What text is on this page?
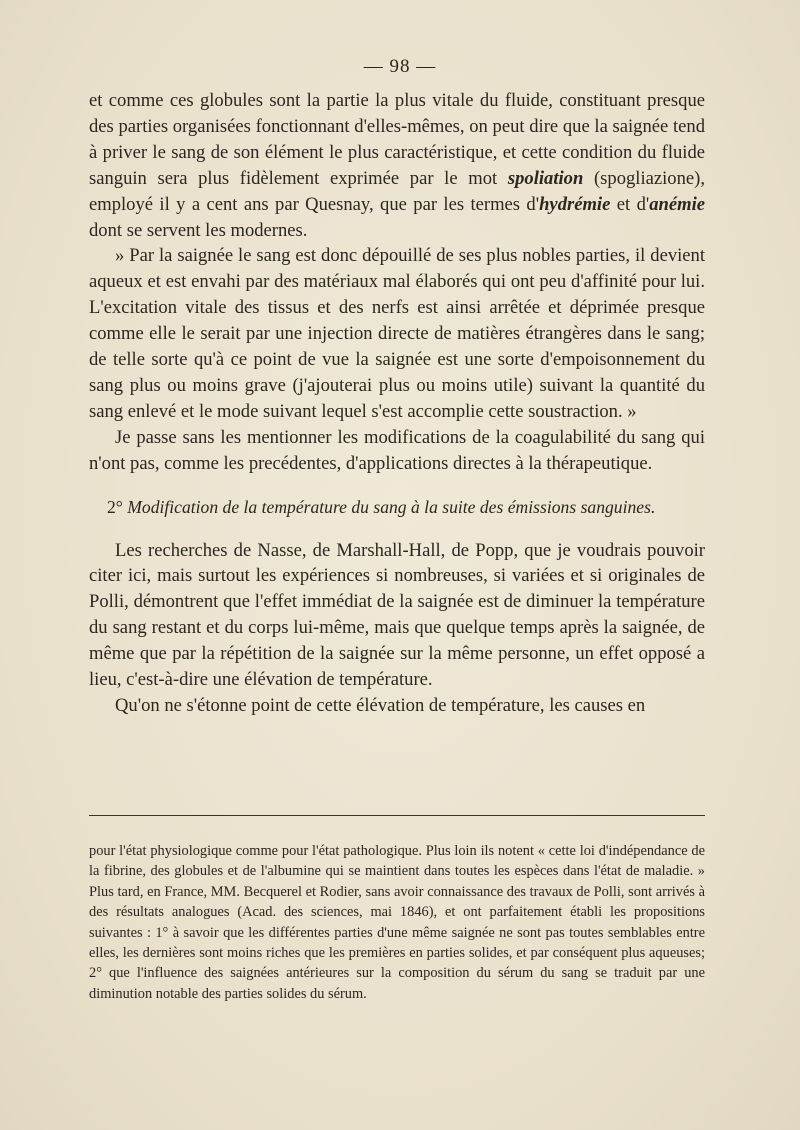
— 98 —

et comme ces globules sont la partie la plus vitale du fluide, constituant presque des parties organisées fonctionnant d'elles-mêmes, on peut dire que la saignée tend à priver le sang de son élément le plus caractéristique, et cette condition du fluide sanguin sera plus fidèlement exprimée par le mot spoliation (spogliazione), employé il y a cent ans par Quesnay, que par les termes d'hydrémie et d'anémie dont se servent les modernes.

» Par la saignée le sang est donc dépouillé de ses plus nobles parties, il devient aqueux et est envahi par des matériaux mal élaborés qui ont peu d'affinité pour lui. L'excitation vitale des tissus et des nerfs est ainsi arrêtée et déprimée presque comme elle le serait par une injection directe de matières étrangères dans le sang; de telle sorte qu'à ce point de vue la saignée est une sorte d'empoisonnement du sang plus ou moins grave (j'ajouterai plus ou moins utile) suivant la quantité du sang enlevé et le mode suivant lequel s'est accomplie cette soustraction. »

Je passe sans les mentionner les modifications de la coagulabilité du sang qui n'ont pas, comme les precédentes, d'applications directes à la thérapeutique.

2° Modification de la température du sang à la suite des émissions sanguines.

Les recherches de Nasse, de Marshall-Hall, de Popp, que je voudrais pouvoir citer ici, mais surtout les expériences si nombreuses, si variées et si originales de Polli, démontrent que l'effet immédiat de la saignée est de diminuer la température du sang restant et du corps lui-même, mais que quelque temps après la saignée, de même que par la répétition de la saignée sur la même personne, un effet opposé a lieu, c'est-à-dire une élévation de température.

Qu'on ne s'étonne point de cette élévation de température, les causes en

pour l'état physiologique comme pour l'état pathologique. Plus loin ils notent « cette loi d'indépendance de la fibrine, des globules et de l'albumine qui se maintient dans toutes les espèces dans l'état de maladie. » Plus tard, en France, MM. Becquerel et Rodier, sans avoir connaissance des travaux de Polli, sont arrivés à des résultats analogues (Acad. des sciences, mai 1846), et ont parfaitement établi les propositions suivantes : 1° à savoir que les différentes parties d'une même saignée ne sont pas toutes semblables entre elles, les dernières sont moins riches que les premières en parties solides, et par conséquent plus aqueuses; 2° que l'influence des saignées antérieures sur la composition du sérum du sang se traduit par une diminution notable des parties solides du sérum.
